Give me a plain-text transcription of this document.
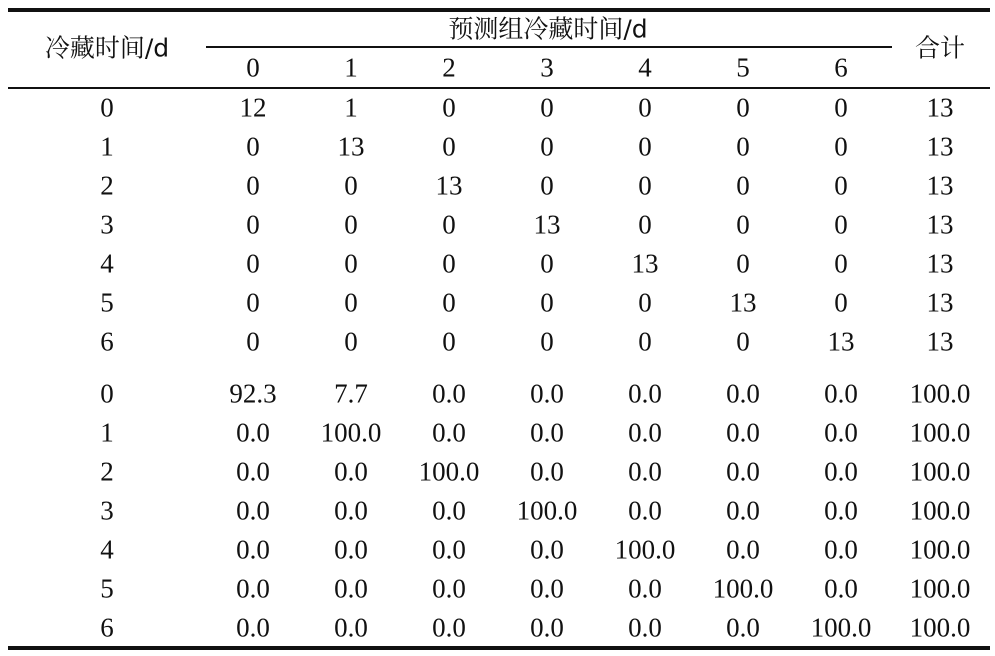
冷藏时间/d
预测组冷藏时间/d
合计
0	1	2	3	4	5	6
0	12	1	0	0	0	0	0	13
1	0	13	0	0	0	0	0	13
2	0	0	13	0	0	0	0	13
3	0	0	0	13	0	0	0	13
4	0	0	0	0	13	0	0	13
5	0	0	0	0	0	13	0	13
6	0	0	0	0	0	0	13	13
0	92.3 7.7 0.0 0.0 0.0 0.0 0.0 100.0
1	0.0 100.0 0.0 0.0 0.0 0.0 0.0 100.0
2	0.0 0.0 100.0 0.0 0.0 0.0 0.0 100.0
3	0.0 0.0 0.0 100.0 0.0 0.0 0.0 100.0
4	0.0 0.0 0.0 0.0 100.0 0.0 0.0 100.0
5	0.0 0.0 0.0 0.0 0.0 100.0 0.0 100.0
6	0.0 0.0 0.0 0.0 0.0 0.0 100.0 100.0
